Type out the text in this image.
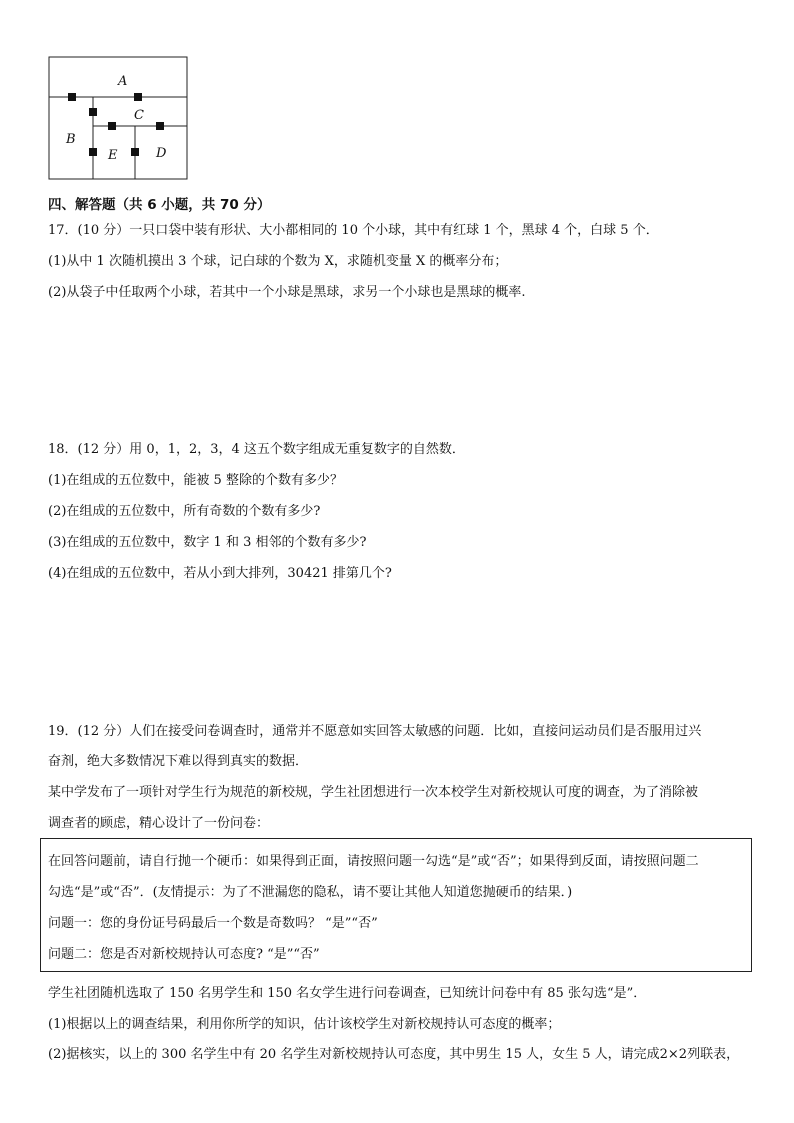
A
B
C
D
E
四、解答题（共 6 小题，共 70 分）
17．(10 分）一只口袋中装有形状、大小都相同的 10 个小球，其中有红球 1 个，黑球 4 个，白球 5 个．
(1)从中 1 次随机摸出 3 个球，记白球的个数为 X，求随机变量 X 的概率分布；
(2)从袋子中任取两个小球，若其中一个小球是黑球，求另一个小球也是黑球的概率.
18．(12 分）用 0，1，2，3，4 这五个数字组成无重复数字的自然数．
(1)在组成的五位数中，能被 5 整除的个数有多少？
(2)在组成的五位数中，所有奇数的个数有多少?
(3)在组成的五位数中，数字 1 和 3 相邻的个数有多少?
(4)在组成的五位数中，若从小到大排列，30421 排第几个?
19．(12 分）人们在接受问卷调查时，通常并不愿意如实回答太敏感的问题．比如，直接问运动员们是否服用过兴
奋剂，绝大多数情况下难以得到真实的数据．
某中学发布了一项针对学生行为规范的新校规，学生社团想进行一次本校学生对新校规认可度的调查，为了消除被
调查者的顾虑，精心设计了一份问卷：
在回答问题前，请自行抛一个硬币：如果得到正面，请按照问题一勾选“是”或“否”；如果得到反面，请按照问题二
勾选“是”或“否”．(友情提示：为了不泄漏您的隐私，请不要让其他人知道您抛硬币的结果．)
问题一：您的身份证号码最后一个数是奇数吗？ “是”“否”
问题二：您是否对新校规持认可态度? “是”“否”
学生社团随机选取了 150 名男学生和 150 名女学生进行问卷调查，已知统计问卷中有 85 张勾选“是”．
(1)根据以上的调查结果，利用你所学的知识，估计该校学生对新校规持认可态度的概率；
(2)据核实，以上的 300 名学生中有 20 名学生对新校规持认可态度，其中男生 15 人，女生 5 人，请完成2×2列联表，
